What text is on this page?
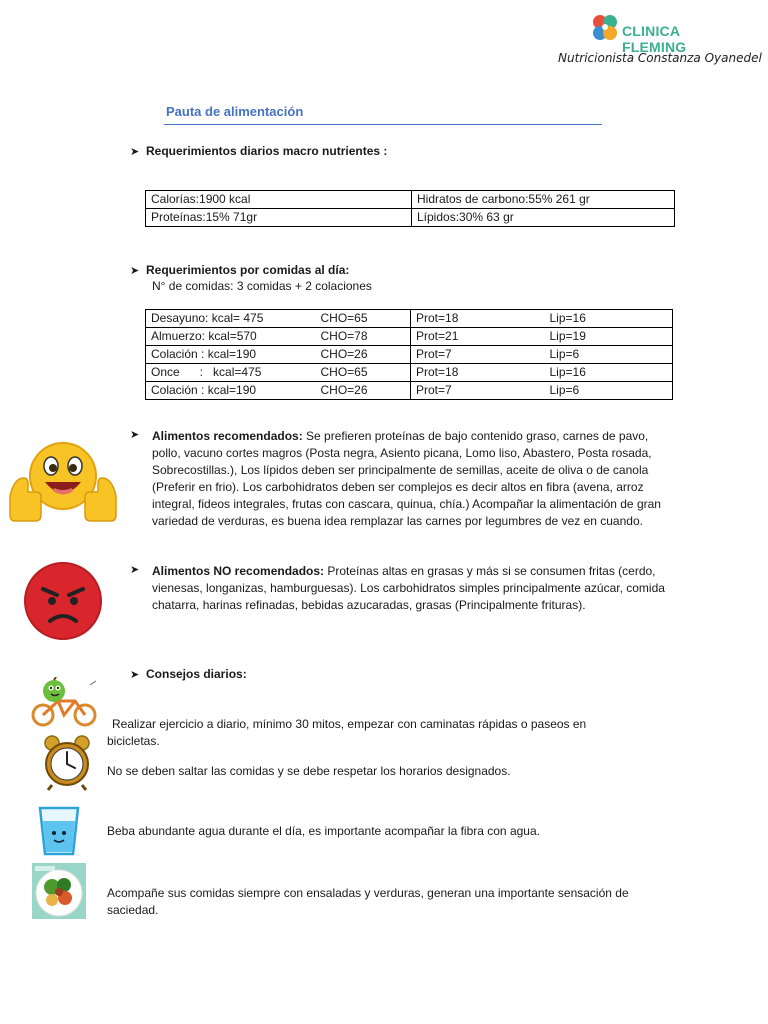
CLINICA FLEMING
Nutricionista Constanza Oyanedel
Pauta de alimentación
➤ Requerimientos diarios macro nutrientes :
Calorías:1900 kcal	Hidratos de carbono:55% 261 gr
Proteínas:15% 71gr	Lípidos:30% 63 gr
➤ Requerimientos por comidas al día:
N° de comidas: 3 comidas + 2 colaciones
Desayuno: kcal= 475	CHO=65	Prot=18	Lip=16
Almuerzo: kcal=570	CHO=78	Prot=21	Lip=19
Colación : kcal=190	CHO=26	Prot=7	Lip=6
Once      :   kcal=475	CHO=65	Prot=18	Lip=16
Colación : kcal=190	CHO=26	Prot=7	Lip=6
➤	Alimentos recomendados: Se prefieren proteínas de bajo contenido graso, carnes de pavo, pollo, vacuno cortes magros (Posta negra, Asiento picana, Lomo liso, Abastero, Posta rosada, Sobrecostillas.), Los lípidos deben ser principalmente de semillas, aceite de oliva o de canola (Preferir en frio). Los carbohidratos deben ser complejos es decir altos en fibra (avena, arroz integral, fideos integrales, frutas con cascara, quinua, chía.) Acompañar la alimentación de gran variedad de verduras, es buena idea remplazar las carnes por legumbres de vez en cuando.
➤	Alimentos NO recomendados: Proteínas altas en grasas y más si se consumen fritas (cerdo, vienesas, longanizas, hamburguesas). Los carbohidratos simples principalmente azúcar, comida chatarra, harinas refinadas, bebidas azucaradas, grasas (Principalmente frituras).
➤ Consejos diarios:
Realizar ejercicio a diario, mínimo 30 mitos, empezar con caminatas rápidas o paseos en bicicletas.
No se deben saltar las comidas y se debe respetar los horarios designados.
Beba abundante agua durante el día, es importante acompañar la fibra con agua.
Acompañe sus comidas siempre con ensaladas y verduras, generan una importante sensación de saciedad.
